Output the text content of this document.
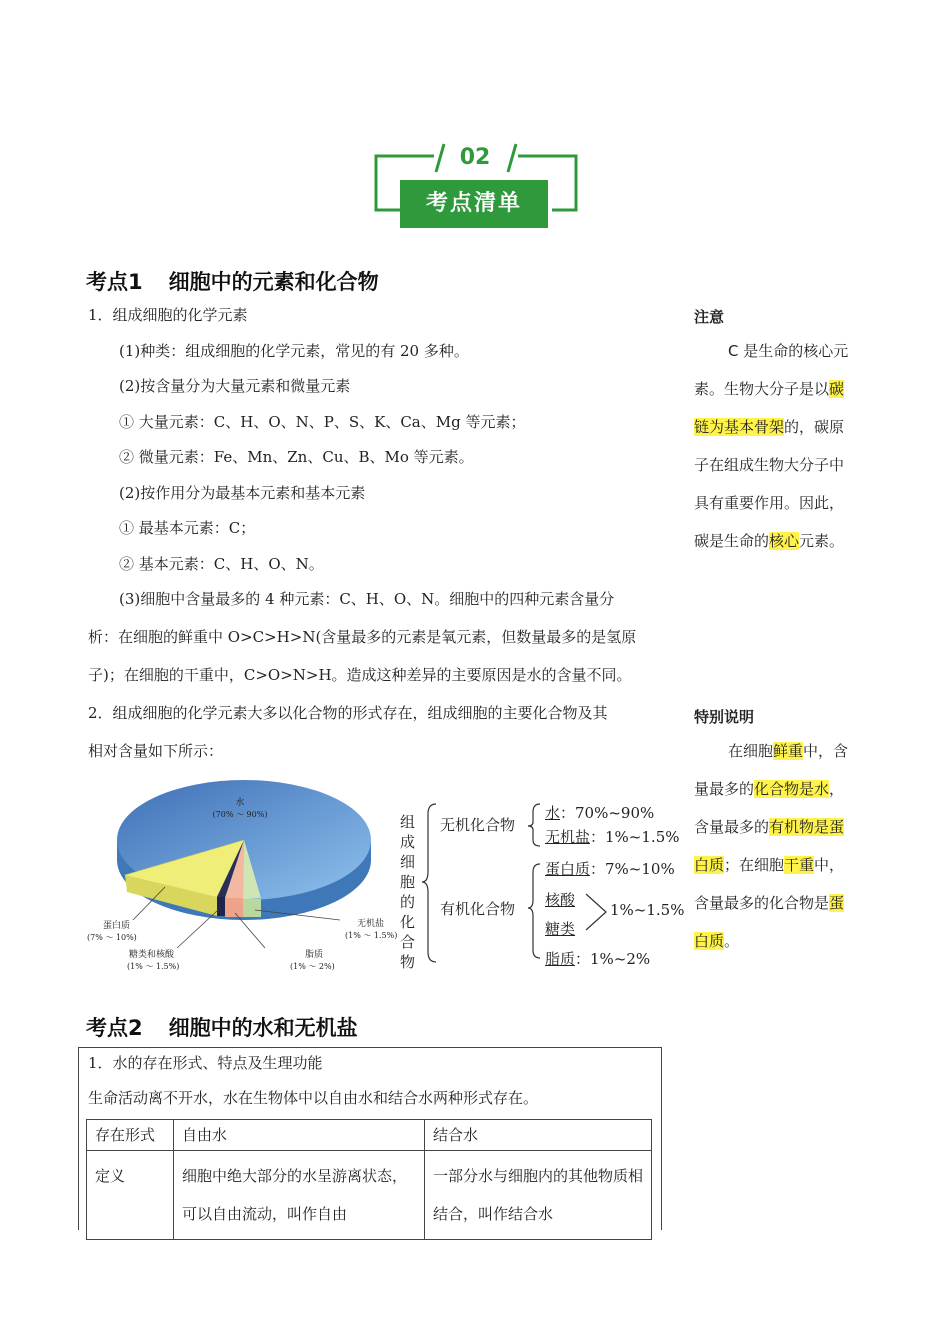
02
考点清单
考点1 细胞中的元素和化合物
1．组成细胞的化学元素
(1)种类：组成细胞的化学元素，常见的有 20 多种。
(2)按含量分为大量元素和微量元素
① 大量元素：C、H、O、N、P、S、K、Ca、Mg 等元素；
② 微量元素：Fe、Mn、Zn、Cu、B、Mo 等元素。
(2)按作用分为最基本元素和基本元素
① 最基本元素：C；
② 基本元素：C、H、O、N。
(3)细胞中含量最多的 4 种元素：C、H、O、N。细胞中的四种元素含量分
析：在细胞的鲜重中 O>C>H>N(含量最多的元素是氧元素，但数量最多的是氢原
子)；在细胞的干重中，C>O>N>H。造成这种差异的主要原因是水的含量不同。
2．组成细胞的化学元素大多以化合物的形式存在，组成细胞的主要化合物及其
相对含量如下所示：
水
(70% ～ 90%)
蛋白质
(7% ～ 10%)
糖类和核酸
(1% ～ 1.5%)
脂质
(1% ～ 2%)
无机盐
(1% ～ 1.5%)
组成细胞的化合物
无机化合物
有机化合物
水：70%~90%
无机盐：1%~1.5%
蛋白质：7%~10%
核酸
糖类
1%~1.5%
脂质：1%~2%
注意
C 是生命的核心元
素。生物大分子是以碳
链为基本骨架的，碳原
子在组成生物大分子中
具有重要作用。因此，
碳是生命的核心元素。
特别说明
在细胞鲜重中，含
量最多的化合物是水，
含量最多的有机物是蛋
白质；在细胞干重中，
含量最多的化合物是蛋
白质。
考点2 细胞中的水和无机盐
1．水的存在形式、特点及生理功能
生命活动离不开水，水在生物体中以自由水和结合水两种形式存在。
存在形式	自由水	结合水
定义	细胞中绝大部分的水呈游离状态，可以自由流动，叫作自由	一部分水与细胞内的其他物质相结合，叫作结合水
